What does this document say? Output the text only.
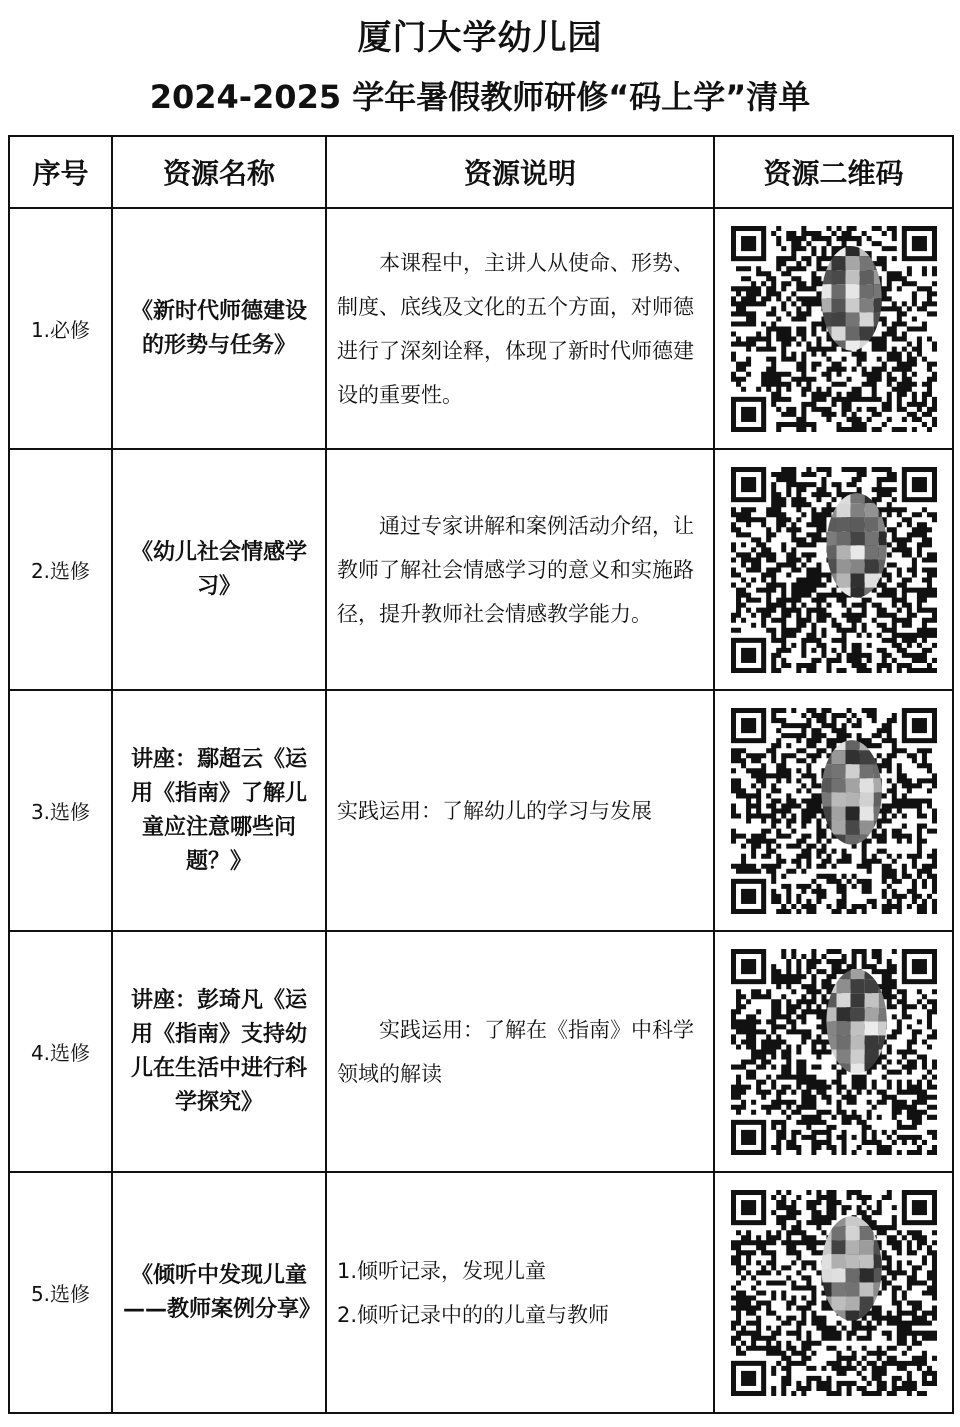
厦门大学幼儿园
2024-2025 学年暑假教师研修“码上学”清单
序号	资源名称	资源说明	资源二维码
1.必修	《新时代师德建设的形势与任务》	本课程中，主讲人从使命、形势、制度、底线及文化的五个方面，对师德进行了深刻诠释，体现了新时代师德建设的重要性。

2.选修	《幼儿社会情感学习》	通过专家讲解和案例活动介绍，让教师了解社会情感学习的意义和实施路径，提升教师社会情感教学能力。

3.选修	讲座：鄢超云《运用《指南》了解儿童应注意哪些问题？》	实践运用：了解幼儿的学习与发展

4.选修	讲座：彭琦凡《运用《指南》支持幼儿在生活中进行科学探究》	实践运用：了解在《指南》中科学领域的解读

5.选修	《倾听中发现儿童——教师案例分享》	1.倾听记录，发现儿童

2.倾听记录中的的儿童与教师
